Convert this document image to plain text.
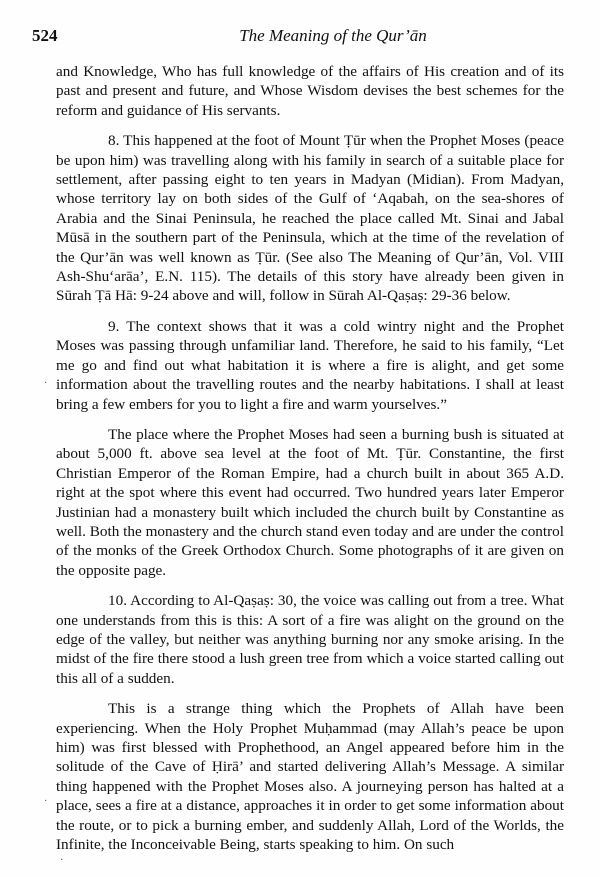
524	The Meaning of the Qur’ān

and Knowledge, Who has full knowledge of the affairs of His creation and of its past and present and future, and Whose Wisdom devises the best schemes for the reform and guidance of His servants.

8. This happened at the foot of Mount Ṭūr when the Prophet Moses (peace be upon him) was travelling along with his family in search of a suitable place for settlement, after passing eight to ten years in Madyan (Midian). From Madyan, whose territory lay on both sides of the Gulf of ‘Aqabah, on the sea-shores of Arabia and the Sinai Peninsula, he reached the place called Mt. Sinai and Jabal Mūsā in the southern part of the Peninsula, which at the time of the revelation of the Qur’ān was well known as Ṭūr. (See also The Meaning of Qur’ān, Vol. VIII Ash-Shu‘arāa’, E.N. 115). The details of this story have already been given in Sūrah Ṭā Hā: 9-24 above and will, follow in Sūrah Al-Qaṣaṣ: 29-36 below.

9. The context shows that it was a cold wintry night and the Prophet Moses was passing through unfamiliar land. Therefore, he said to his family, “Let me go and find out what habitation it is where a fire is alight, and get some information about the travelling routes and the nearby habitations. I shall at least bring a few embers for you to light a fire and warm yourselves.”

The place where the Prophet Moses had seen a burning bush is situated at about 5,000 ft. above sea level at the foot of Mt. Ṭūr. Constantine, the first Christian Emperor of the Roman Empire, had a church built in about 365 A.D. right at the spot where this event had occurred. Two hundred years later Emperor Justinian had a monastery built which included the church built by Constantine as well. Both the monastery and the church stand even today and are under the control of the monks of the Greek Orthodox Church. Some photographs of it are given on the opposite page.

10. According to Al-Qaṣaṣ: 30, the voice was calling out from a tree. What one understands from this is this: A sort of a fire was alight on the ground on the edge of the valley, but neither was anything burning nor any smoke arising. In the midst of the fire there stood a lush green tree from which a voice started calling out this all of a sudden.

This is a strange thing which the Prophets of Allah have been experiencing. When the Holy Prophet Muḥammad (may Allah’s peace be upon him) was first blessed with Prophethood, an Angel appeared before him in the solitude of the Cave of Ḥirā’ and started delivering Allah’s Message. A similar thing happened with the Prophet Moses also. A journeying person has halted at a place, sees a fire at a distance, approaches it in order to get some information about the route, or to pick a burning ember, and suddenly Allah, Lord of the Worlds, the Infinite, the Inconceivable Being, starts speaking to him. On such

·
·
·
